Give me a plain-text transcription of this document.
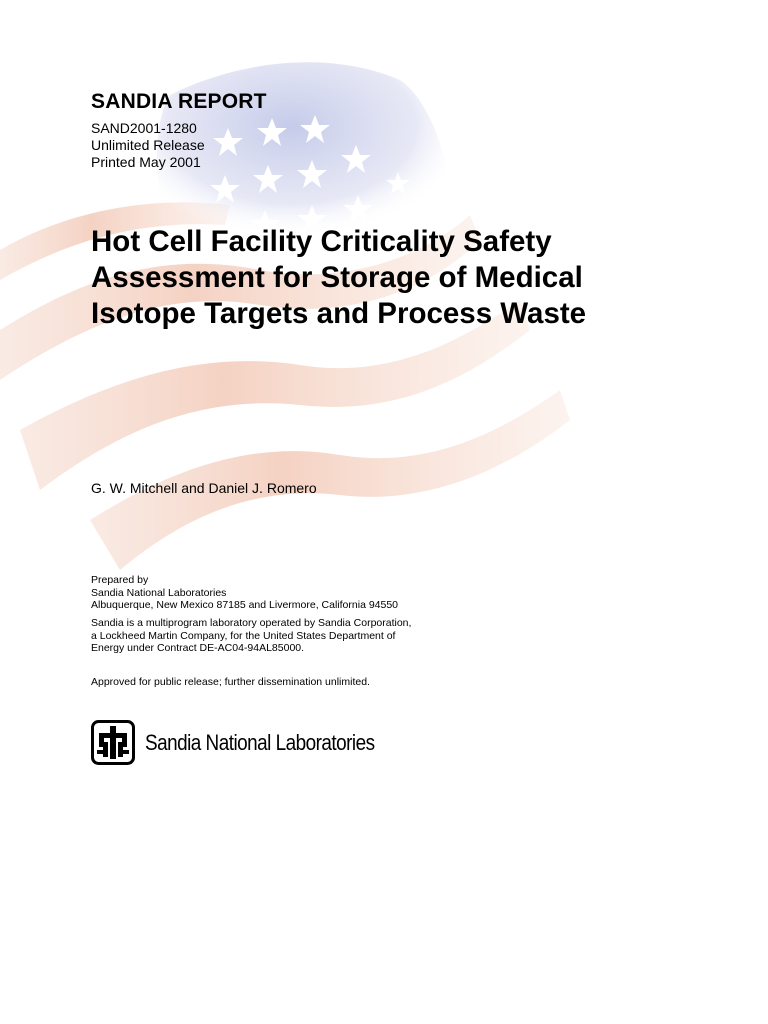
SANDIA REPORT
SAND2001-1280
Unlimited Release
Printed May 2001
Hot Cell Facility Criticality Safety
Assessment for Storage of Medical
Isotope Targets and Process Waste
G. W. Mitchell and Daniel J. Romero
Prepared by
Sandia National Laboratories
Albuquerque, New Mexico 87185 and Livermore, California 94550
Sandia is a multiprogram laboratory operated by Sandia Corporation,
a Lockheed Martin Company, for the United States Department of
Energy under Contract DE-AC04-94AL85000.
Approved for public release; further dissemination unlimited.
Sandia National Laboratories
